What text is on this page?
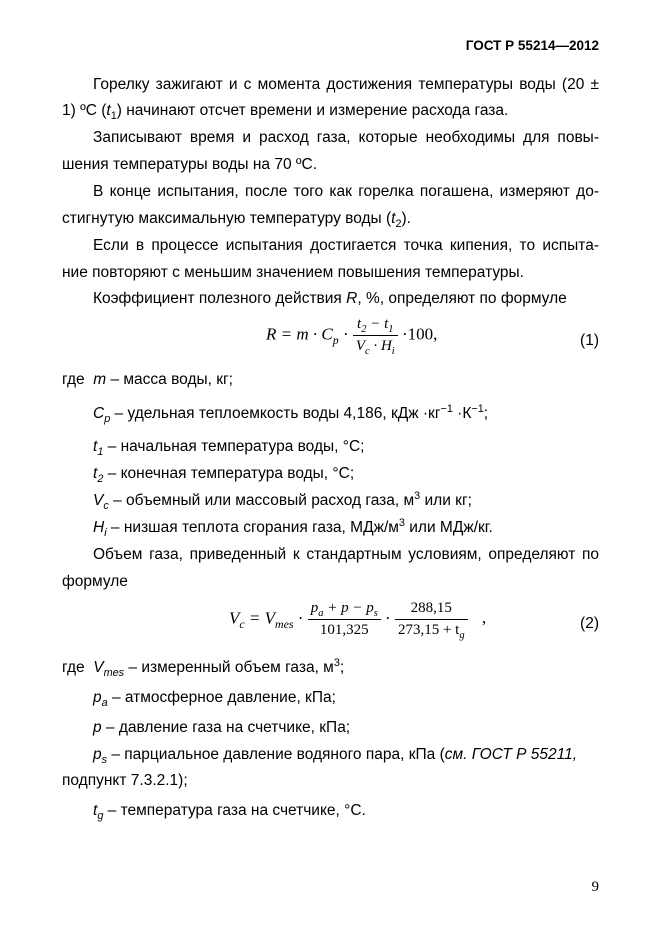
ГОСТ Р 55214—2012
Горелку зажигают и с момента достижения температуры воды (20 ±
1) ºС $(t_1)$ начинают отсчет времени и измерение расхода газа.
Записывают время и расход газа, которые необходимы для повы-
шения температуры воды на 70 ºС.
В конце испытания, после того как горелка погашена, измеряют до-
стигнутую максимальную температуру воды $(t_2)$.
Если в процессе испытания достигается точка кипения, то испыта-
ние повторяют с меньшим значением повышения температуры.
Коэффициент полезного действия R, %, определяют по формуле
$R = m \cdot C_p \cdot \frac{t_2 - t_1}{V_c \cdot H_i} \cdot 100$,	(1)
где m – масса воды, кг;
$C_p$ – удельная теплоемкость воды 4,186, кДж $\cdot кг^{-1} \cdot К^{-1}$;
$t_1$ – начальная температура воды, °С;
$t_2$ – конечная температура воды, °С;
$V_c$ – объемный или массовый расход газа, $м^3$ или кг;
$H_i$ – низшая теплота сгорания газа, МДж/$м^3$ или МДж/кг.
Объем газа, приведенный к стандартным условиям, определяют по
формуле
$V_c = V_{mes} \cdot \frac{p_a + p - p_s}{101,325} \cdot \frac{288,15}{273,15 + t_g}$ ,	(2)
где $V_{mes}$ – измеренный объем газа, $м^3$;
$p_a$ – атмосферное давление, кПа;
p – давление газа на счетчике, кПа;
$p_s$ – парциальное давление водяного пара, кПа (см. ГОСТ Р 55211,
подпункт 7.3.2.1);
$t_g$ – температура газа на счетчике, °С.
9
